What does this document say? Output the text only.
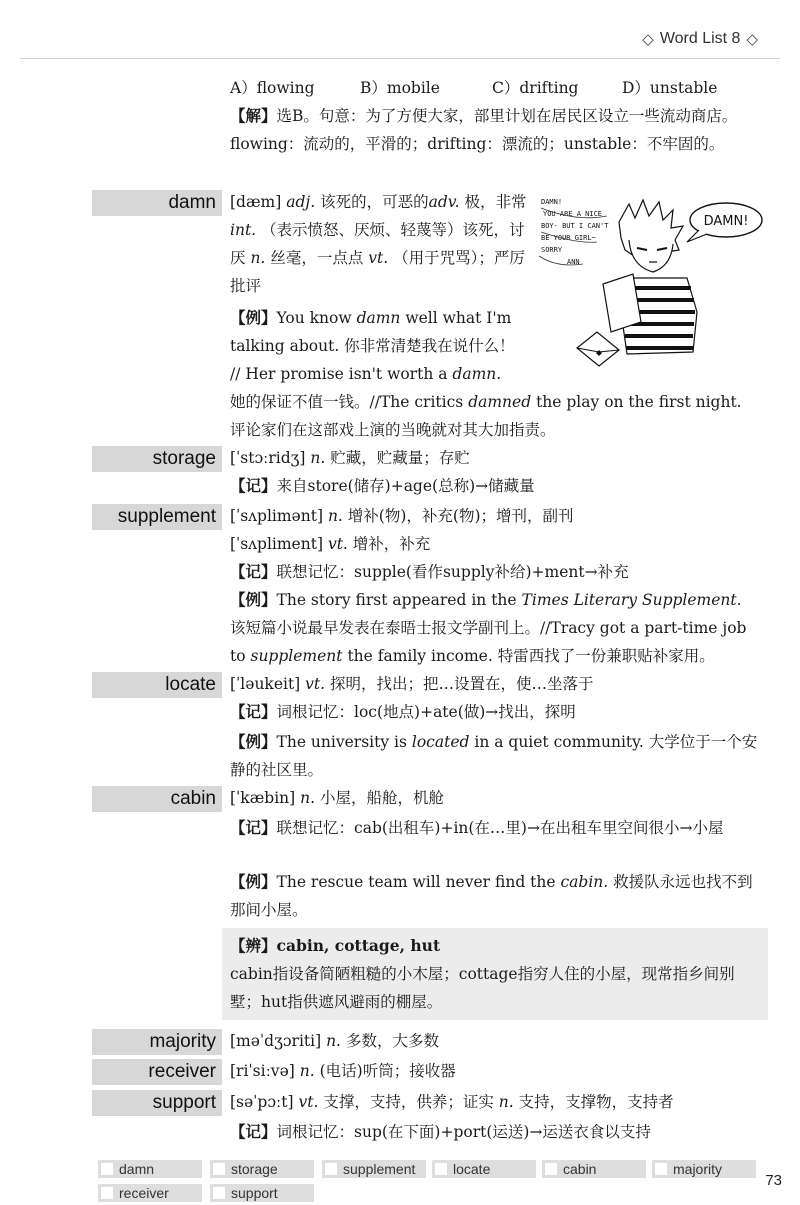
◇ Word List 8 ◇
A）flowing	B）mobile	C）drifting	D）unstable
【解】选B。句意：为了方便大家，部里计划在居民区设立一些流动商店。flowing：流动的，平滑的；drifting：漂流的；unstable：不牢固的。
damn [dæm] adj. 该死的，可恶的adv. 极，非常 int. （表示愤怒、厌烦、轻蔑等）该死，讨厌 n. 丝毫，一点点 vt. （用于咒骂）；严厉批评
【例】You know damn well what I'm talking about. 你非常清楚我在说什么！ // Her promise isn't worth a damn.
她的保证不值一钱。//The critics damned the play on the first night. 评论家们在这部戏上演的当晚就对其大加指责。
DAMN!
YOU ARE A NICE
BOY- BUT I CAN'T
BE YOUR GIRL~
SORRY
ANN
DAMN!
storage [ˈstɔːridʒ] n. 贮藏，贮藏量；存贮
【记】来自store(储存)+age(总称)→储藏量
supplement [ˈsʌplimənt] n. 增补(物)，补充(物)；增刊，副刊
[ˈsʌpliment] vt. 增补，补充
【记】联想记忆：supple(看作supply补给)+ment→补充
【例】The story first appeared in the Times Literary Supplement. 该短篇小说最早发表在泰晤士报文学副刊上。//Tracy got a part-time job to supplement the family income. 特雷西找了一份兼职贴补家用。
locate [ˈləukeit] vt. 探明，找出；把…设置在，使…坐落于
【记】词根记忆：loc(地点)+ate(做)→找出，探明
【例】The university is located in a quiet community. 大学位于一个安静的社区里。
cabin [ˈkæbin] n. 小屋，船舱，机舱
【记】联想记忆：cab(出租车)+in(在…里)→在出租车里空间很小→小屋
【例】The rescue team will never find the cabin. 救援队永远也找不到那间小屋。
【辨】cabin, cottage, hut
cabin指设备简陋粗糙的小木屋；cottage指穷人住的小屋，现常指乡间别墅；hut指供遮风避雨的棚屋。
majority [məˈdʒɔriti] n. 多数，大多数
receiver [riˈsiːvə] n. (电话)听筒；接收器
support [səˈpɔːt] vt. 支撑，支持，供养；证实 n. 支持，支撑物，支持者
【记】词根记忆：sup(在下面)+port(运送)→运送衣食以支持
damn	storage	supplement	locate	cabin	majority
receiver	support
73
